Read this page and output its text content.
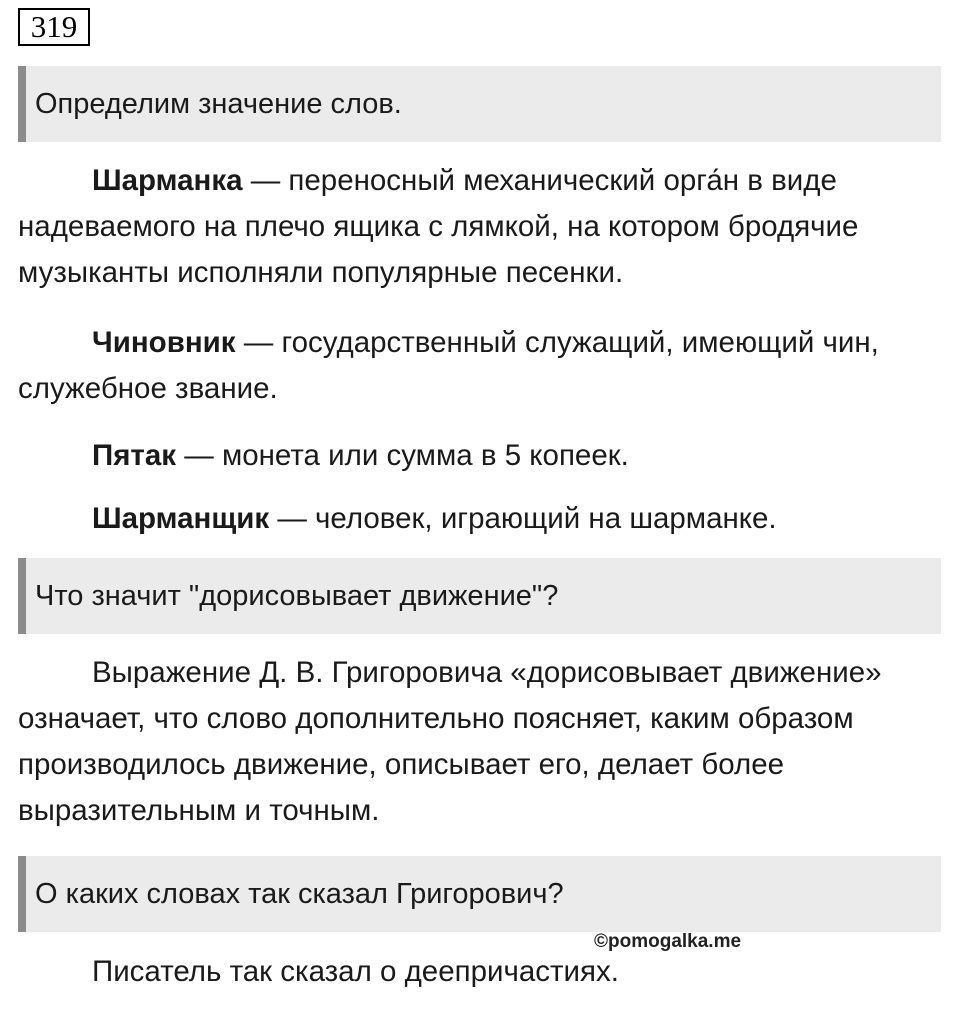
319
Определим значение слов.

Шарманка — переносный механический орга́н в виде надеваемого на плечо ящика с лямкой, на котором бродячие музыканты исполняли популярные песенки.

Чиновник — государственный служащий, имеющий чин, служебное звание.

Пятак — монета или сумма в 5 копеек.

Шарманщик — человек, играющий на шарманке.

Что значит "дорисовывает движение"?

Выражение Д. В. Григоровича «дорисовывает движение» означает, что слово дополнительно поясняет, каким образом производилось движение, описывает его, делает более выразительным и точным.

О каких словах так сказал Григорович?
©pomogalka.me

Писатель так сказал о деепричастиях.
